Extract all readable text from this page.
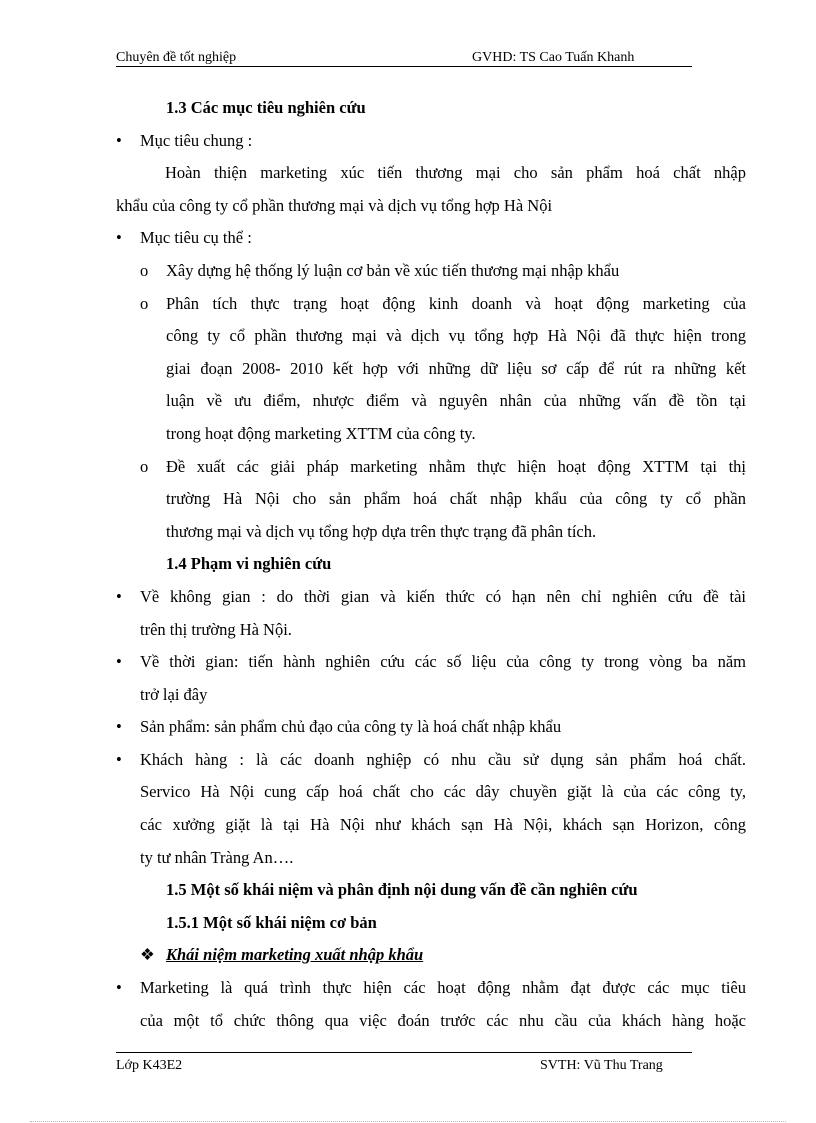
Chuyên đề tốt nghiệp	GVHD: TS Cao Tuấn Khanh
1.3 Các mục tiêu nghiên cứu
• Mục tiêu chung :
Hoàn thiện marketing xúc tiến thương mại cho sản phẩm hoá chất nhập
khẩu của công ty cổ phần thương mại và dịch vụ tổng hợp Hà Nội
• Mục tiêu cụ thể :
o Xây dựng hệ thống lý luận cơ bản về xúc tiến thương mại nhập khẩu
o Phân tích thực trạng hoạt động kinh doanh và hoạt động marketing của
công ty cổ phần thương mại và dịch vụ tổng hợp Hà Nội đã thực hiện trong
giai đoạn 2008- 2010 kết hợp với những dữ liệu sơ cấp để rút ra những kết
luận về ưu điểm, nhược điểm và nguyên nhân của những vấn đề tồn tại
trong hoạt động marketing XTTM của công ty.
o Đề xuất các giải pháp marketing nhằm thực hiện hoạt động XTTM tại thị
trường Hà Nội cho sản phẩm hoá chất nhập khẩu của công ty cổ phần
thương mại và dịch vụ tổng hợp dựa trên thực trạng đã phân tích.
1.4 Phạm vi nghiên cứu
• Về không gian : do thời gian và kiến thức có hạn nên chỉ nghiên cứu đề tài
trên thị trường Hà Nội.
• Về thời gian: tiến hành nghiên cứu các số liệu của công ty trong vòng ba năm
trở lại đây
• Sản phẩm: sản phẩm chủ đạo của công ty là hoá chất nhập khẩu
• Khách hàng : là các doanh nghiệp có nhu cầu sử dụng sản phẩm hoá chất.
Servico Hà Nội cung cấp hoá chất cho các dây chuyền giặt là của các công ty,
các xưởng giặt là tại Hà Nội như khách sạn Hà Nội, khách sạn Horizon, công
ty tư nhân Tràng An….
1.5 Một số khái niệm và phân định nội dung vấn đề cần nghiên cứu
1.5.1 Một số khái niệm cơ bản
❖ Khái niệm marketing xuất nhập khẩu
• Marketing là quá trình thực hiện các hoạt động nhằm đạt được các mục tiêu
của một tổ chức thông qua việc đoán trước các nhu cầu của khách hàng hoặc
Lớp K43E2	SVTH: Vũ Thu Trang
